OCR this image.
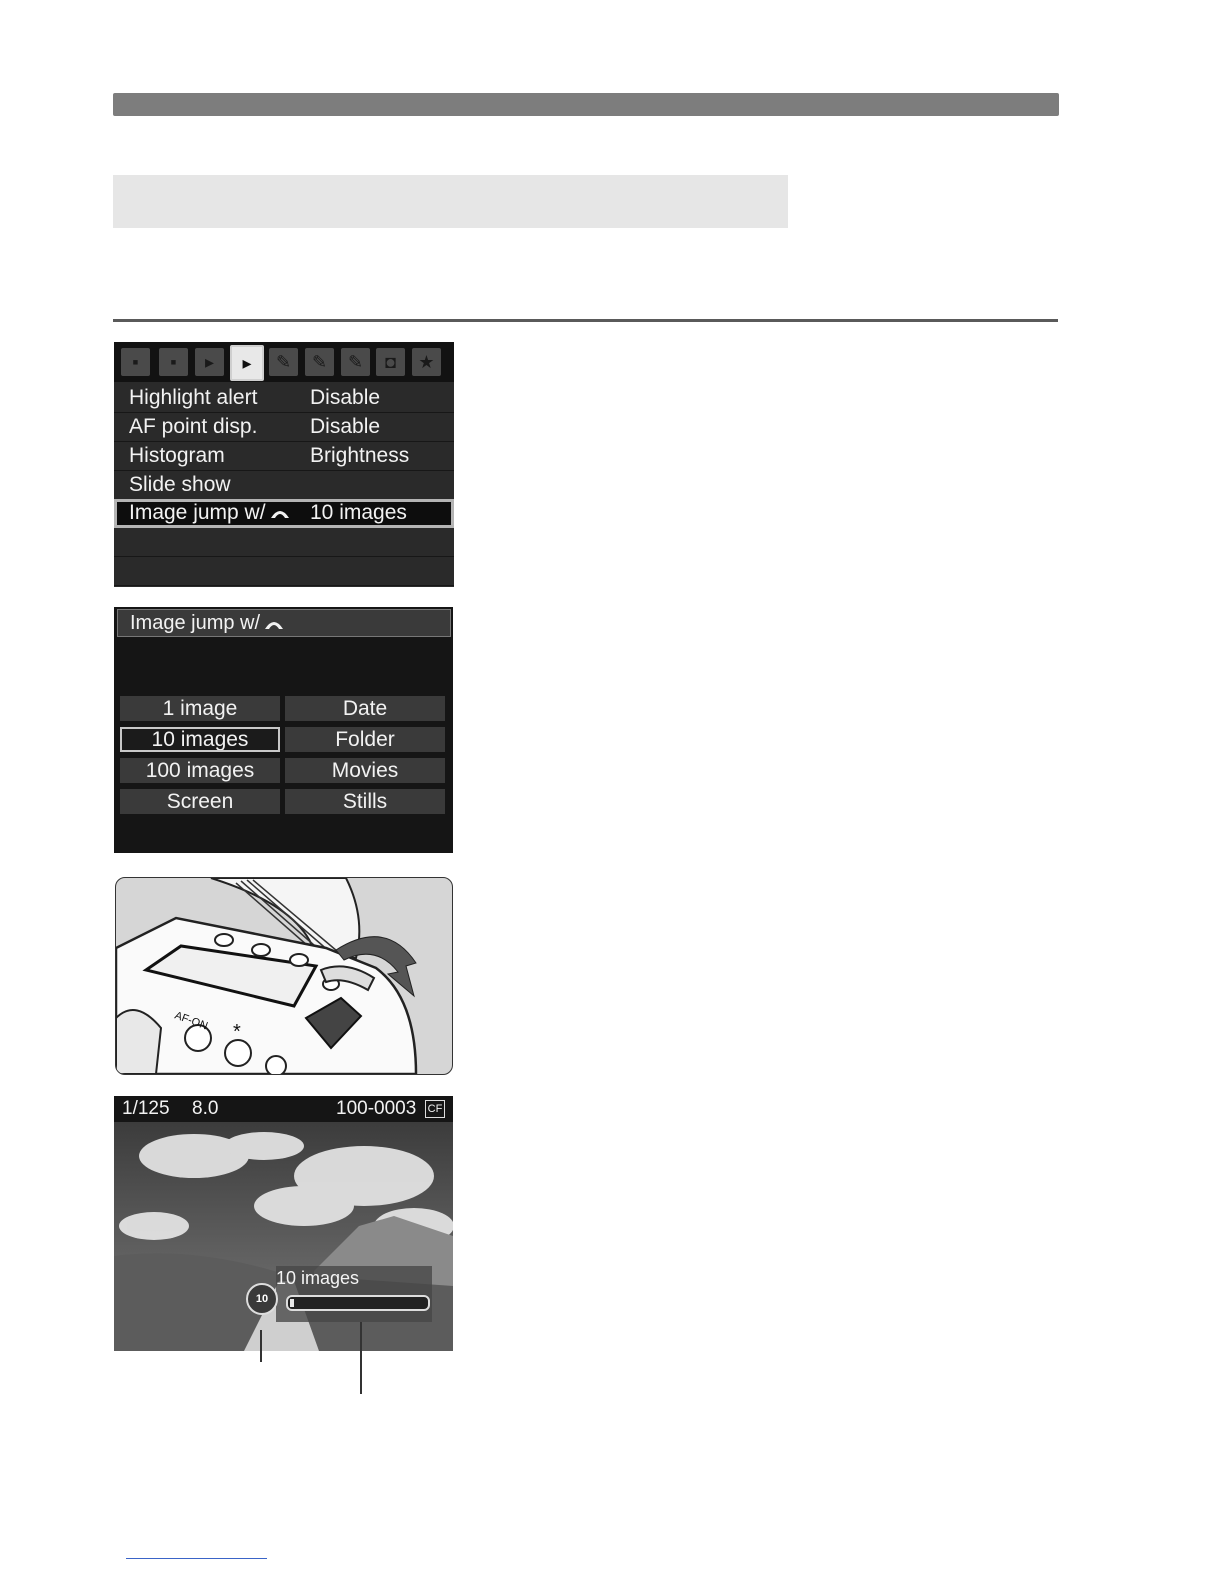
▪	▪	▸	▸	✎	✎	✎	◘	★
Highlight alert	Disable
AF point disp.	Disable
Histogram	Brightness
Slide show
Image jump w/	10 images
Image jump w/
1 image	Date
10 images	Folder
100 images	Movies
Screen	Stills
AF-ON *
1/125 8.0	100-0003 CF
10 images
10
